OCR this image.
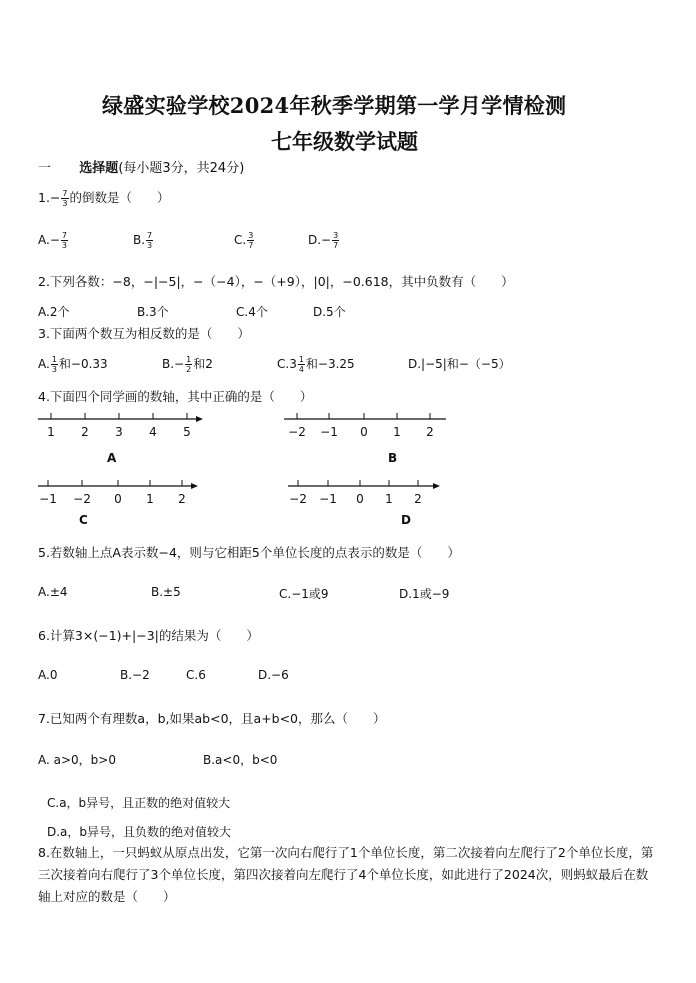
绿盛实验学校2024年秋季学期第一学月学情检测
七年级数学试题
一 选择题(每小题3分，共24分)
$1.- \frac{7}{3}$ 的倒数是（　　）
$A.- \frac{7}{3}$	B. $\frac{7}{3}$	C. $\frac{3}{7}$	$D.- \frac{3}{7}$
2.下列各数：−8，−|−5|，−（−4），−（+9），|0|，−0.618，其中负数有（　　）
A.2个	B.3个	C.4个	D.5个
3.下面两个数互为相反数的是（　　）
A. $\frac{1}{3}$ 和−0.33	$B.- \frac{1}{2}$ 和2	$C.3 \frac{1}{4}$ 和−3.25	D.|−5|和−（−5）
4.下面四个同学画的数轴，其中正确的是（　　）
1 2 3 4 5
A
−2 −1 0 1 2
B
−1 −2 0 1 2
C
−2 −1 0 1 2
D
5.若数轴上点A表示数−4，则与它相距5个单位长度的点表示的数是（　　）
A.±4	B.±5	C.−1或9	D.1或−9
6.计算3×(−1)+|−3|的结果为（　　）
A.0	B.−2	C.6	D.−6
7.已知两个有理数a，b,如果ab<0，且a+b<0，那么（　　）
A. a>0，b>0	B.a<0，b<0
C.a，b异号，且正数的绝对值较大
D.a，b异号，且负数的绝对值较大
8.在数轴上，一只蚂蚁从原点出发，它第一次向右爬行了1个单位长度，第二次接着向左爬行了2个单位长度，第三次接着向右爬行了3个单位长度，第四次接着向左爬行了4个单位长度，如此进行了2024次，则蚂蚁最后在数轴上对应的数是（　　）
